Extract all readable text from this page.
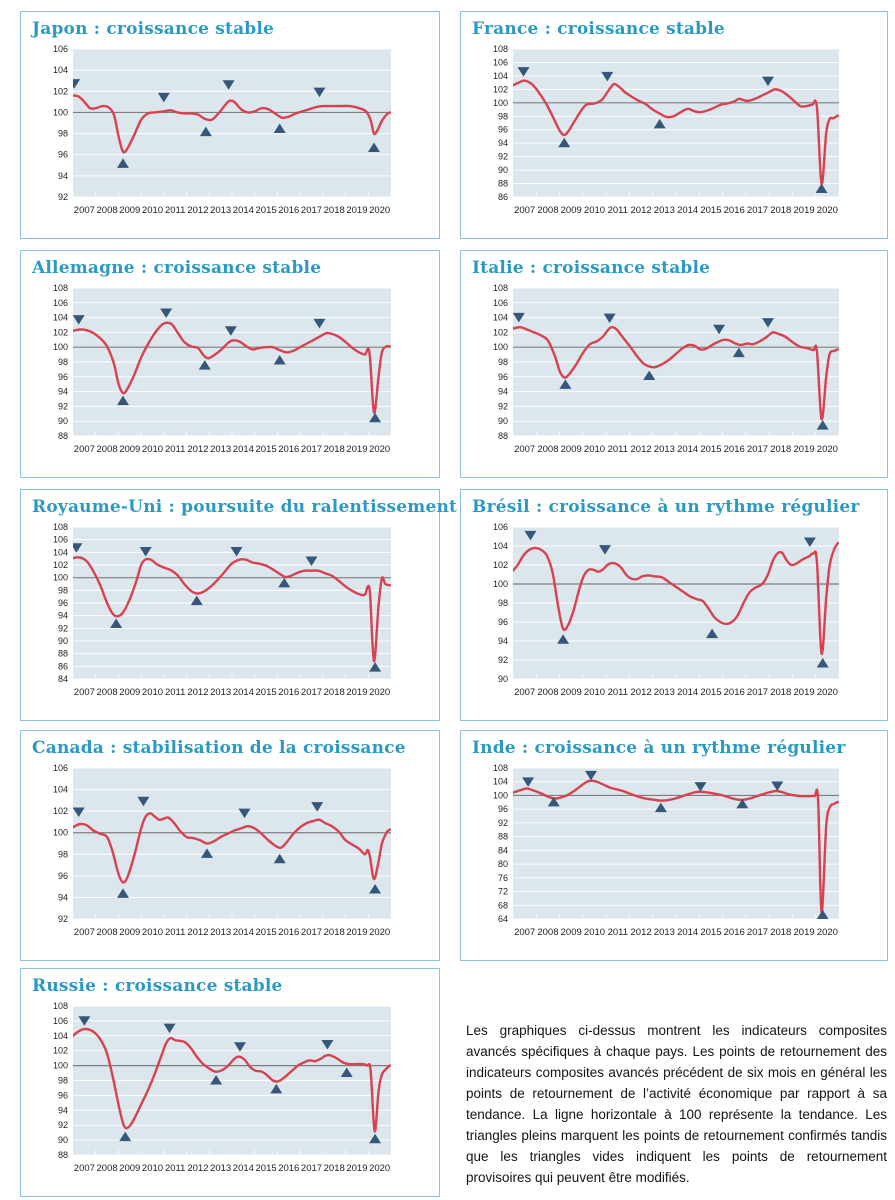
Japon : croissance stable
92
94
96
98
100
102
104
106
2007 2008 2009 2010 2011 2012 2013 2014 2015 2016 2017 2018 2019 2020
France : croissance stable
86
88
90
92
94
96
98
100
102
104
106
108
2007 2008 2009 2010 2011 2012 2013 2014 2015 2016 2017 2018 2019 2020
Allemagne : croissance stable
88
90
92
94
96
98
100
102
104
106
108
2007 2008 2009 2010 2011 2012 2013 2014 2015 2016 2017 2018 2019 2020
Italie : croissance stable
88
90
92
94
96
98
100
102
104
106
108
2007 2008 2009 2010 2011 2012 2013 2014 2015 2016 2017 2018 2019 2020
Royaume-Uni : poursuite du ralentissement
84
86
88
90
92
94
96
98
100
102
104
106
108
2007 2008 2009 2010 2011 2012 2013 2014 2015 2016 2017 2018 2019 2020
Brésil : croissance à un rythme régulier
90
92
94
96
98
100
102
104
106
2007 2008 2009 2010 2011 2012 2013 2014 2015 2016 2017 2018 2019 2020
Canada : stabilisation de la croissance
92
94
96
98
100
102
104
106
2007 2008 2009 2010 2011 2012 2013 2014 2015 2016 2017 2018 2019 2020
Inde : croissance à un rythme régulier
64
68
72
76
80
84
88
92
96
100
104
108
2007 2008 2009 2010 2011 2012 2013 2014 2015 2016 2017 2018 2019 2020
Russie : croissance stable
88
90
92
94
96
98
100
102
104
106
108
2007 2008 2009 2010 2011 2012 2013 2014 2015 2016 2017 2018 2019 2020
Les graphiques ci-dessus montrent les indicateurs composites avancés spécifiques à chaque pays. Les points de retournement des indicateurs composites avancés précédent de six mois en général les points de retournement de l’activité économique par rapport à sa tendance. La ligne horizontale à 100 représente la tendance. Les triangles pleins marquent les points de retournement confirmés tandis que les triangles vides indiquent les points de retournement provisoires qui peuvent être modifiés.
